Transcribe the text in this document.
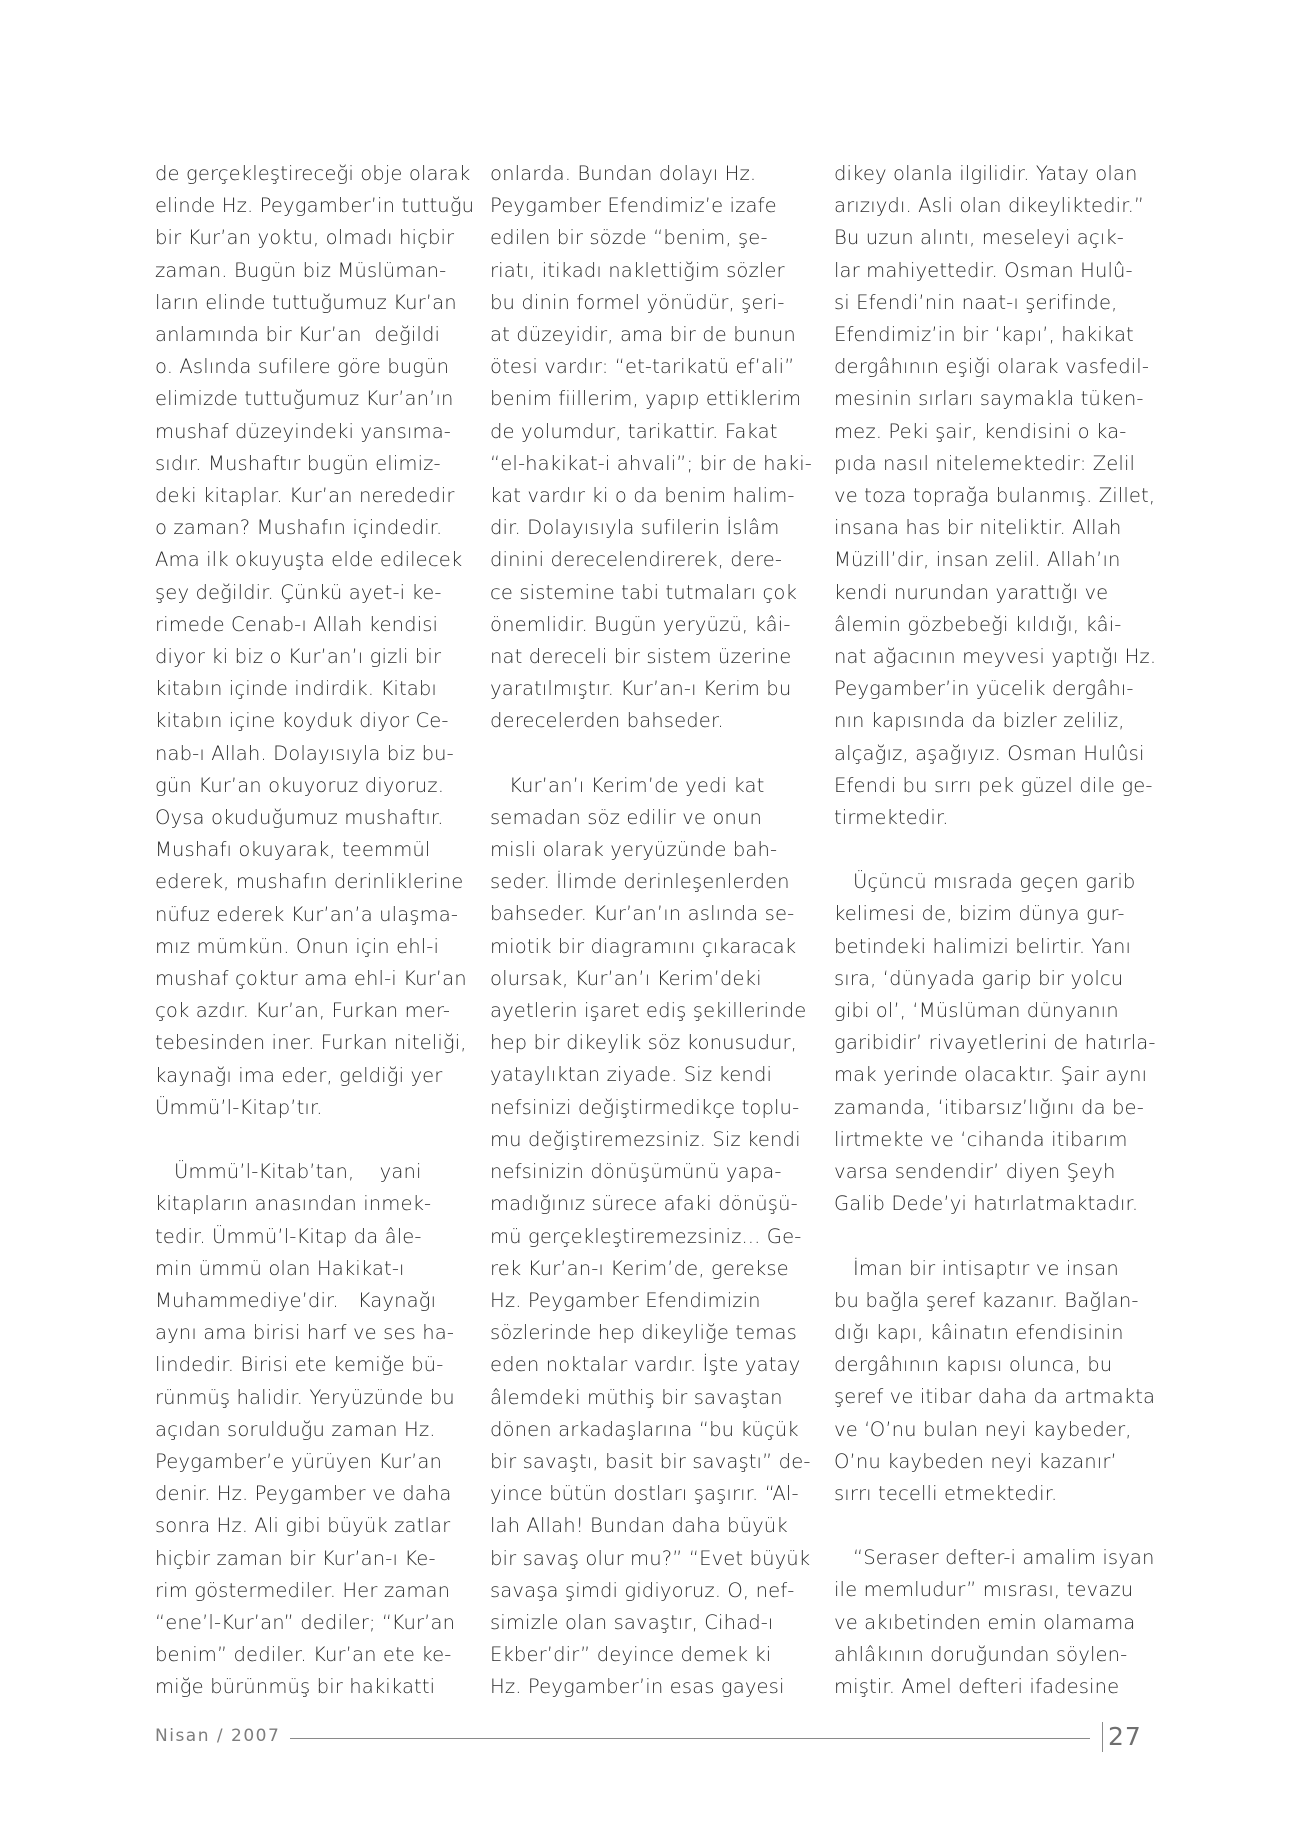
de gerçekleştireceği obje olarak
elinde Hz. Peygamber’in tuttuğu
bir Kur’an yoktu, olmadı hiçbir
zaman. Bugün biz Müslüman-
ların elinde tuttuğumuz Kur’an
anlamında bir Kur’an  değildi
o. Aslında sufilere göre bugün
elimizde tuttuğumuz Kur’an’ın
mushaf düzeyindeki yansıma-
sıdır. Mushaftır bugün elimiz-
deki kitaplar. Kur’an nerededir
o zaman? Mushafın içindedir.
Ama ilk okuyuşta elde edilecek
şey değildir. Çünkü ayet-i ke-
rimede Cenab-ı Allah kendisi
diyor ki biz o Kur’an’ı gizli bir
kitabın içinde indirdik. Kitabı
kitabın içine koyduk diyor Ce-
nab-ı Allah. Dolayısıyla biz bu-
gün Kur’an okuyoruz diyoruz.
Oysa okuduğumuz mushaftır.
Mushafı okuyarak, teemmül
ederek, mushafın derinliklerine
nüfuz ederek Kur’an’a ulaşma-
mız mümkün. Onun için ehl-i
mushaf çoktur ama ehl-i Kur’an
çok azdır. Kur’an, Furkan mer-
tebesinden iner. Furkan niteliği,
kaynağı ima eder, geldiği yer
Ümmü’l-Kitap’tır.

Ümmü’l-Kitab’tan,    yani
kitapların anasından inmek-
tedir. Ümmü’l-Kitap da âle-
min ümmü olan Hakikat-ı
Muhammediye’dir.   Kaynağı
aynı ama birisi harf ve ses ha-
lindedir. Birisi ete kemiğe bü-
rünmüş halidir. Yeryüzünde bu
açıdan sorulduğu zaman Hz.
Peygamber’e yürüyen Kur’an
denir. Hz. Peygamber ve daha
sonra Hz. Ali gibi büyük zatlar
hiçbir zaman bir Kur’an-ı Ke-
rim göstermediler. Her zaman
“ene’l-Kur’an” dediler; “Kur’an
benim” dediler. Kur’an ete ke-
miğe bürünmüş bir hakikatti

onlarda. Bundan dolayı Hz.
Peygamber Efendimiz’e izafe
edilen bir sözde “benim, şe-
riatı, itikadı naklettiğim sözler
bu dinin formel yönüdür, şeri-
at düzeyidir, ama bir de bunun
ötesi vardır: “et-tarikatü ef’ali”
benim fiillerim, yapıp ettiklerim
de yolumdur, tarikattir. Fakat
“el-hakikat-i ahvali”; bir de haki-
kat vardır ki o da benim halim-
dir. Dolayısıyla sufilerin İslâm
dinini derecelendirerek, dere-
ce sistemine tabi tutmaları çok
önemlidir. Bugün yeryüzü, kâi-
nat dereceli bir sistem üzerine
yaratılmıştır. Kur’an-ı Kerim bu
derecelerden bahseder.

Kur’an’ı Kerim’de yedi kat
semadan söz edilir ve onun
misli olarak yeryüzünde bah-
seder. İlimde derinleşenlerden
bahseder. Kur’an’ın aslında se-
miotik bir diagramını çıkaracak
olursak, Kur’an’ı Kerim’deki
ayetlerin işaret ediş şekillerinde
hep bir dikeylik söz konusudur,
yataylıktan ziyade. Siz kendi
nefsinizi değiştirmedikçe toplu-
mu değiştiremezsiniz. Siz kendi
nefsinizin dönüşümünü yapa-
madığınız sürece afaki dönüşü-
mü gerçekleştiremezsiniz... Ge-
rek Kur’an-ı Kerim’de, gerekse
Hz. Peygamber Efendimizin
sözlerinde hep dikeyliğe temas
eden noktalar vardır. İşte yatay
âlemdeki müthiş bir savaştan
dönen arkadaşlarına “bu küçük
bir savaştı, basit bir savaştı” de-
yince bütün dostları şaşırır. “Al-
lah Allah! Bundan daha büyük
bir savaş olur mu?” “Evet büyük
savaşa şimdi gidiyoruz. O, nef-
simizle olan savaştır, Cihad-ı
Ekber’dir” deyince demek ki
Hz. Peygamber’in esas gayesi

dikey olanla ilgilidir. Yatay olan
arızıydı. Asli olan dikeyliktedir.”
Bu uzun alıntı, meseleyi açık-
lar mahiyettedir. Osman Hulû-
si Efendi’nin naat-ı şerifinde,
Efendimiz’in bir ‘kapı’, hakikat
dergâhının eşiği olarak vasfedil-
mesinin sırları saymakla tüken-
mez. Peki şair, kendisini o ka-
pıda nasıl nitelemektedir: Zelil
ve toza toprağa bulanmış. Zillet,
insana has bir niteliktir. Allah
Müzill’dir, insan zelil. Allah’ın
kendi nurundan yarattığı ve
âlemin gözbebeği kıldığı, kâi-
nat ağacının meyvesi yaptığı Hz.
Peygamber’in yücelik dergâhı-
nın kapısında da bizler zeliliz,
alçağız, aşağıyız. Osman Hulûsi
Efendi bu sırrı pek güzel dile ge-
tirmektedir.

Üçüncü mısrada geçen garib
kelimesi de, bizim dünya gur-
betindeki halimizi belirtir. Yanı
sıra, ‘dünyada garip bir yolcu
gibi ol’, ‘Müslüman dünyanın
garibidir’ rivayetlerini de hatırla-
mak yerinde olacaktır. Şair aynı
zamanda, ‘itibarsız’lığını da be-
lirtmekte ve ‘cihanda itibarım
varsa sendendir’ diyen Şeyh
Galib Dede’yi hatırlatmaktadır.

İman bir intisaptır ve insan
bu bağla şeref kazanır. Bağlan-
dığı kapı, kâinatın efendisinin
dergâhının kapısı olunca, bu
şeref ve itibar daha da artmakta
ve ‘O’nu bulan neyi kaybeder,
O’nu kaybeden neyi kazanır’
sırrı tecelli etmektedir.

“Seraser defter-i amalim isyan
ile memludur” mısrası, tevazu
ve akıbetinden emin olamama
ahlâkının doruğundan söylen-
miştir. Amel defteri ifadesine

Nisan / 2007	27
